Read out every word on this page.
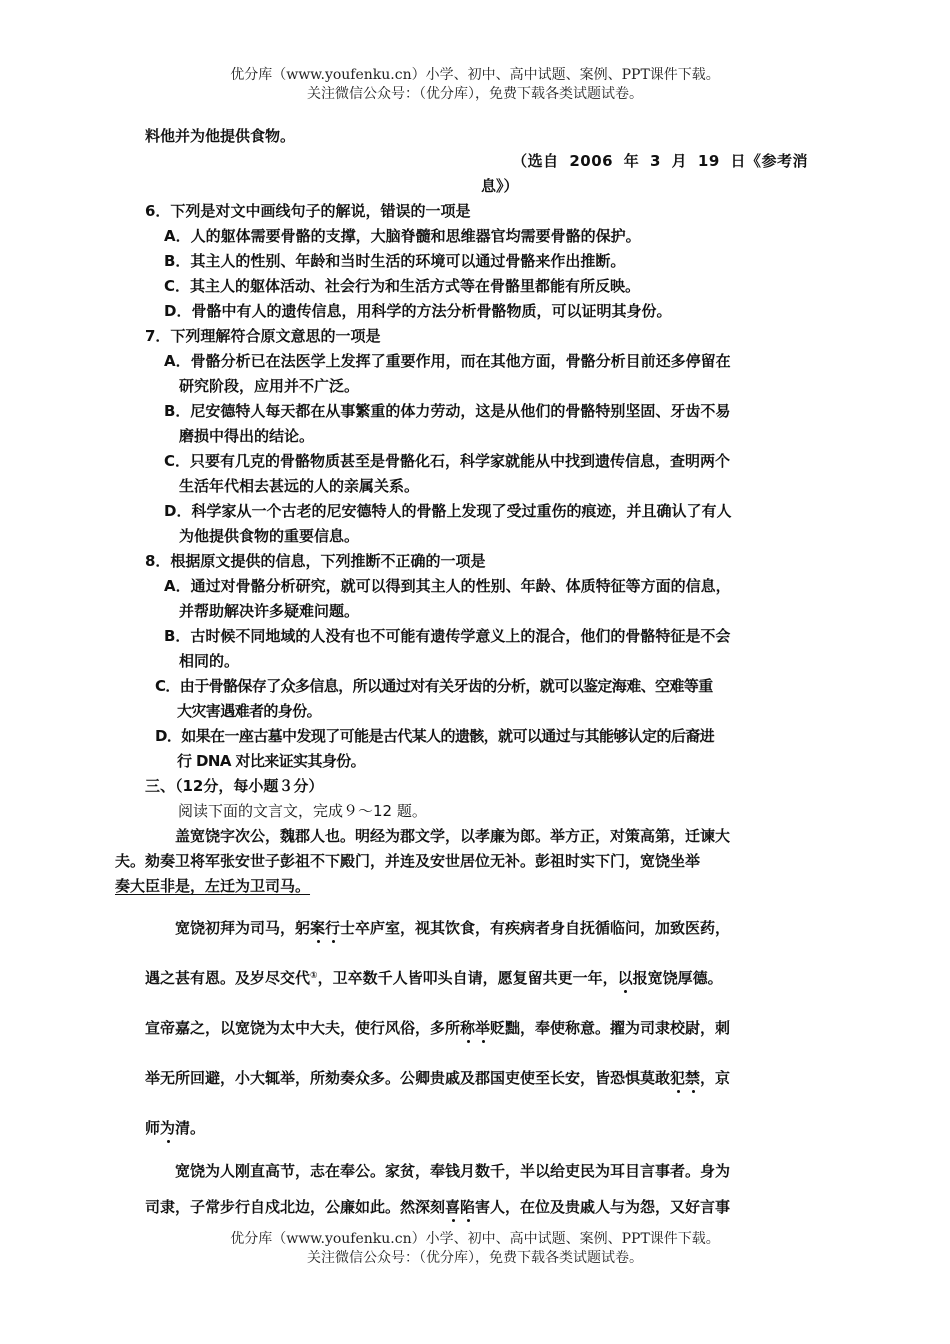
优分库（www.youfenku.cn）小学、初中、高中试题、案例、PPT课件下载。
关注微信公众号：（优分库），免费下载各类试题试卷。
料他并为他提供食物。
（选自 2006 年 3 月 19 日《参考消
息》）
6．下列是对文中画线句子的解说，错误的一项是
A．人的躯体需要骨骼的支撑，大脑脊髓和思维器官均需要骨骼的保护。
B．其主人的性别、年龄和当时生活的环境可以通过骨骼来作出推断。
C．其主人的躯体活动、社会行为和生活方式等在骨骼里都能有所反映。
D．骨骼中有人的遗传信息，用科学的方法分析骨骼物质，可以证明其身份。
7．下列理解符合原文意思的一项是
A．骨骼分析已在法医学上发挥了重要作用，而在其他方面，骨骼分析目前还多停留在
研究阶段，应用并不广泛。
B．尼安德特人每天都在从事繁重的体力劳动，这是从他们的骨骼特别坚固、牙齿不易
磨损中得出的结论。
C．只要有几克的骨骼物质甚至是骨骼化石，科学家就能从中找到遗传信息，查明两个
生活年代相去甚远的人的亲属关系。
D．科学家从一个古老的尼安德特人的骨骼上发现了受过重伤的痕迹，并且确认了有人
为他提供食物的重要信息。
8．根据原文提供的信息，下列推断不正确的一项是
A．通过对骨骼分析研究，就可以得到其主人的性别、年龄、体质特征等方面的信息，
并帮助解决许多疑难问题。
B．古时候不同地域的人没有也不可能有遗传学意义上的混合，他们的骨骼特征是不会
相同的。
C．由于骨骼保存了众多信息，所以通过对有关牙齿的分析，就可以鉴定海难、空难等重
大灾害遇难者的身份。
D．如果在一座古墓中发现了可能是古代某人的遗骸，就可以通过与其能够认定的后裔进
行 DNA 对比来证实其身份。
三、（12分，每小题３分）
阅读下面的文言文，完成９～12 题。
盖宽饶字次公，魏郡人也。明经为郡文学，以孝廉为郎。举方正，对策高第，迁谏大
夫。劾奏卫将军张安世子彭祖不下殿门，并连及安世居位无补。彭祖时实下门，宽饶坐举
奏大臣非是，左迁为卫司马。
宽饶初拜为司马，躬案行士卒庐室，视其饮食，有疾病者身自抚循临问，加致医药，
遇之甚有恩。及岁尽交代①，卫卒数千人皆叩头自请，愿复留共更一年，以报宽饶厚德。
宣帝嘉之，以宽饶为太中大夫，使行风俗，多所称举贬黜，奉使称意。擢为司隶校尉，刺
举无所回避，小大辄举，所劾奏众多。公卿贵戚及郡国吏使至长安，皆恐惧莫敢犯禁，京
师为清。
宽饶为人刚直高节，志在奉公。家贫，奉钱月数千，半以给吏民为耳目言事者。身为
司隶，子常步行自戍北边，公廉如此。然深刻喜陷害人，在位及贵戚人与为怨，又好言事
优分库（www.youfenku.cn）小学、初中、高中试题、案例、PPT课件下载。
关注微信公众号：（优分库），免费下载各类试题试卷。
